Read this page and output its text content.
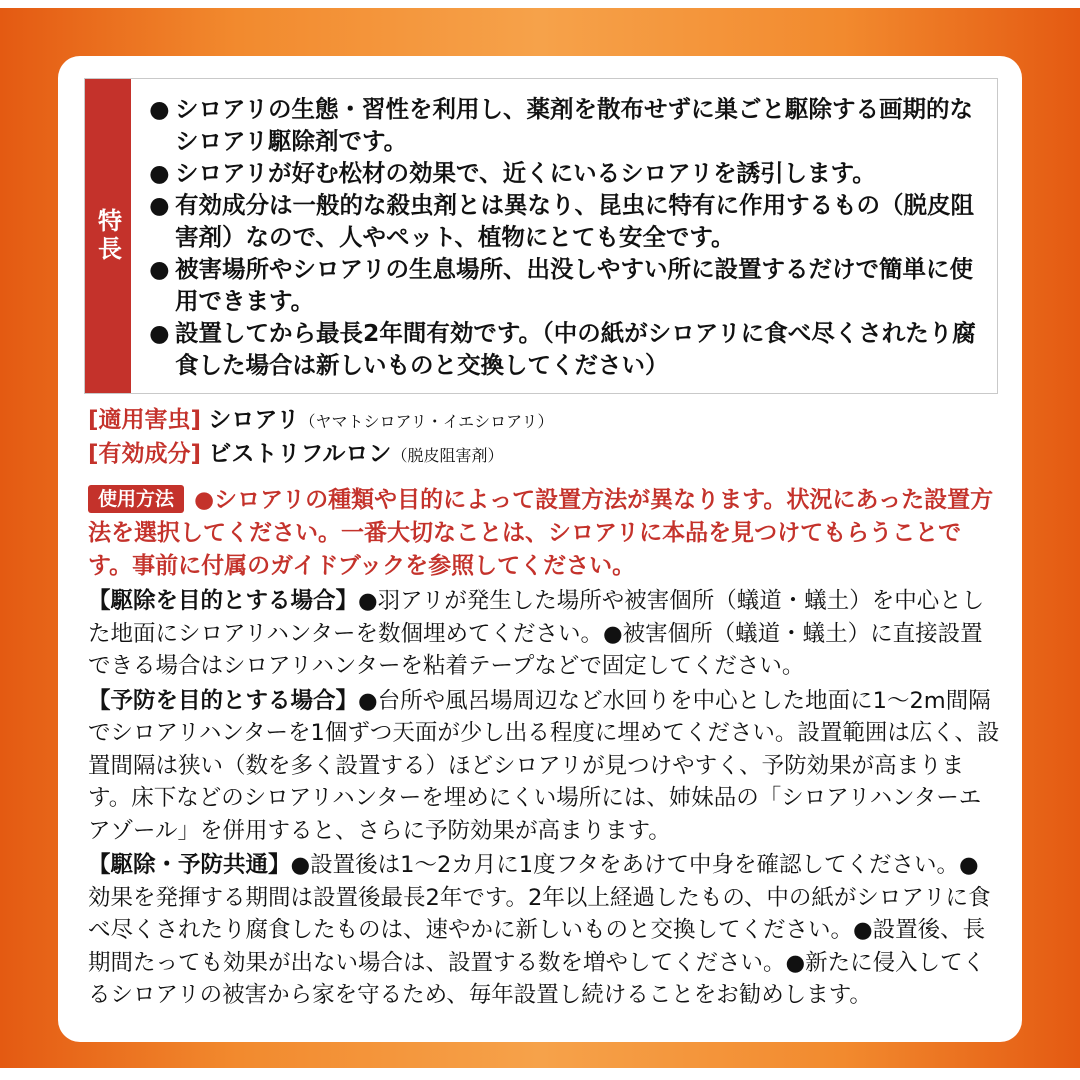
特長
● シロアリの生態・習性を利用し、薬剤を散布せずに巣ごと駆除する画期的なシロアリ駆除剤です。
● シロアリが好む松材の効果で、近くにいるシロアリを誘引します。
● 有効成分は一般的な殺虫剤とは異なり、昆虫に特有に作用するもの（脱皮阻害剤）なので、人やペット、植物にとても安全です。
● 被害場所やシロアリの生息場所、出没しやすい所に設置するだけで簡単に使用できます。
● 設置してから最長2年間有効です。（中の紙がシロアリに食べ尽くされたり腐食した場合は新しいものと交換してください）
[適用害虫] シロアリ（ヤマトシロアリ・イエシロアリ）
[有効成分] ビストリフルロン（脱皮阻害剤）
使用方法 ●シロアリの種類や目的によって設置方法が異なります。状況にあった設置方法を選択してください。一番大切なことは、シロアリに本品を見つけてもらうことです。事前に付属のガイドブックを参照してください。
【駆除を目的とする場合】●羽アリが発生した場所や被害個所（蟻道・蟻土）を中心とした地面にシロアリハンターを数個埋めてください。●被害個所（蟻道・蟻土）に直接設置できる場合はシロアリハンターを粘着テープなどで固定してください。
【予防を目的とする場合】●台所や風呂場周辺など水回りを中心とした地面に1〜2m間隔でシロアリハンターを1個ずつ天面が少し出る程度に埋めてください。設置範囲は広く、設置間隔は狭い（数を多く設置する）ほどシロアリが見つけやすく、予防効果が高まります。床下などのシロアリハンターを埋めにくい場所には、姉妹品の「シロアリハンターエアゾール」を併用すると、さらに予防効果が高まります。
【駆除・予防共通】●設置後は1〜2カ月に1度フタをあけて中身を確認してください。●効果を発揮する期間は設置後最長2年です。2年以上経過したもの、中の紙がシロアリに食べ尽くされたり腐食したものは、速やかに新しいものと交換してください。●設置後、長期間たっても効果が出ない場合は、設置する数を増やしてください。●新たに侵入してくるシロアリの被害から家を守るため、毎年設置し続けることをお勧めします。
